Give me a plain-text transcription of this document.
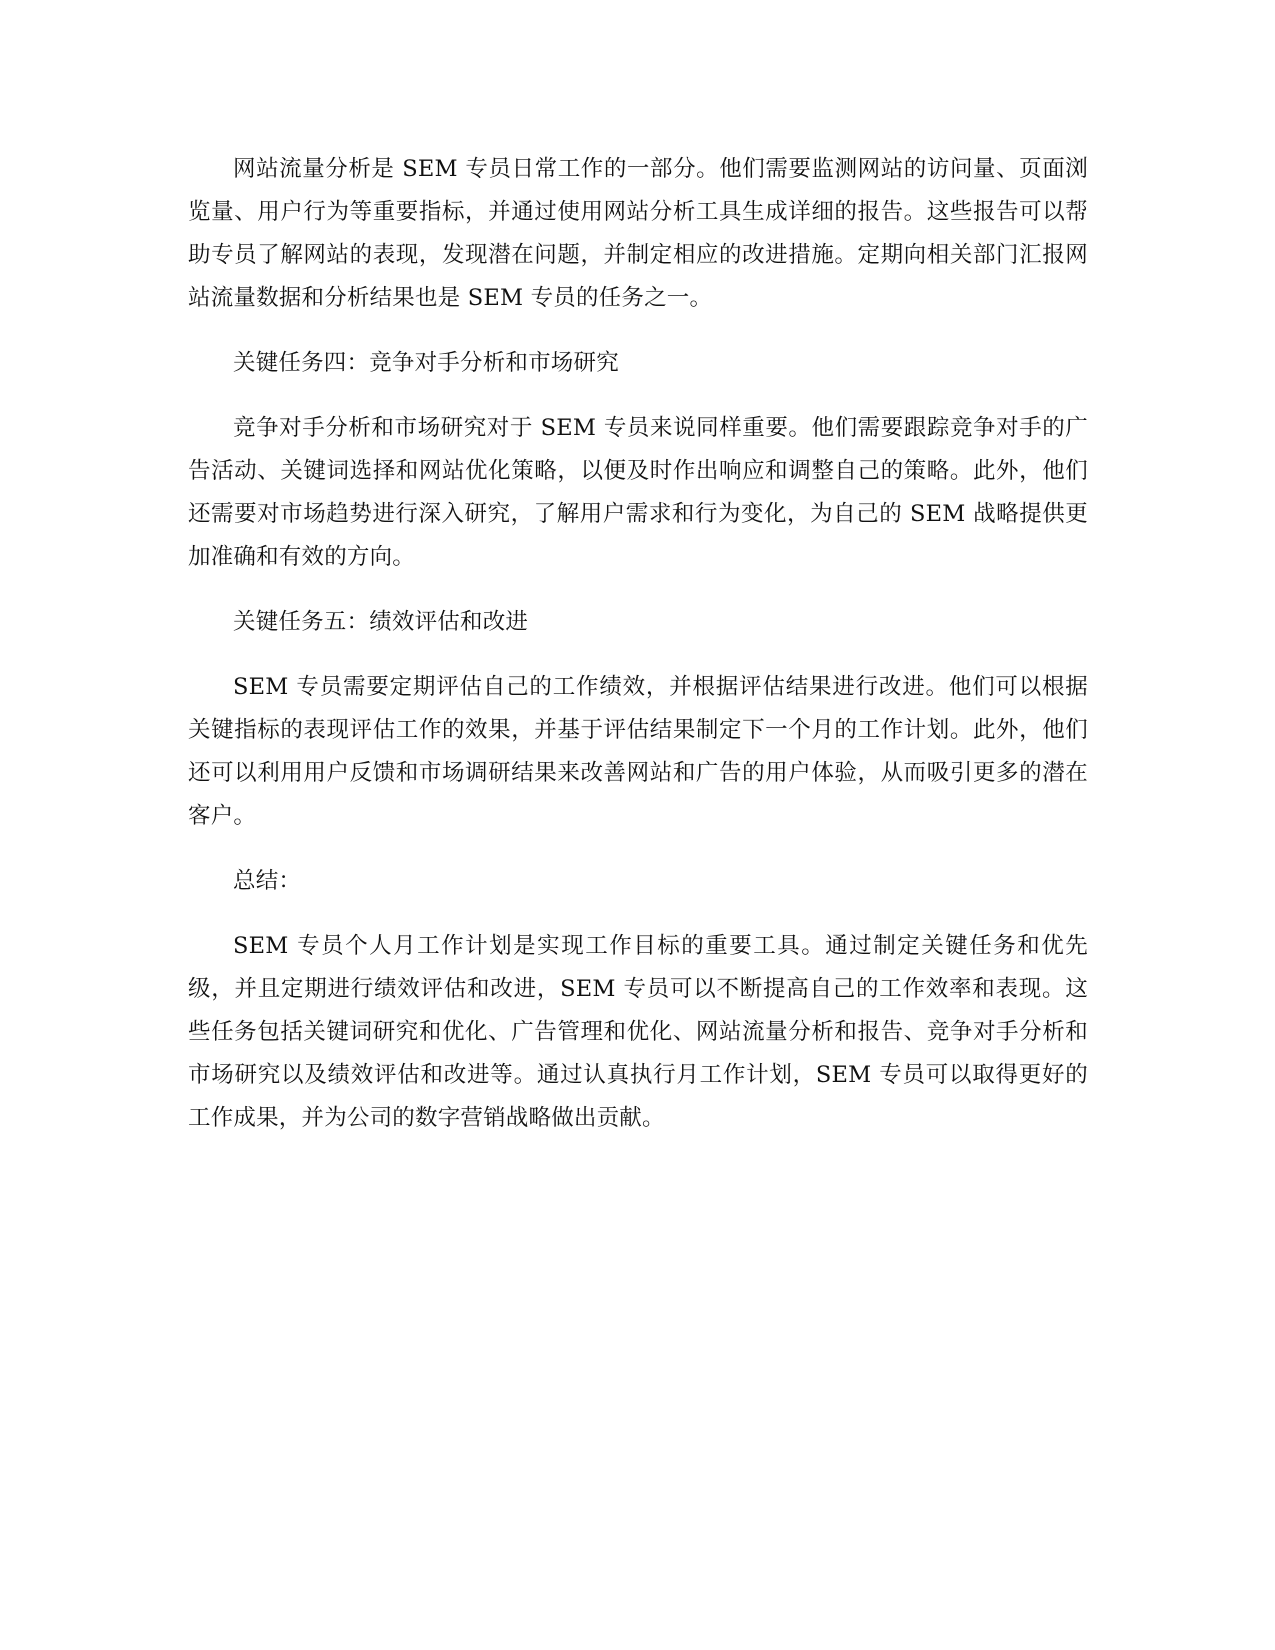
网站流量分析是 SEM 专员日常工作的一部分。他们需要监测网站的访问量、页面浏览量、用户行为等重要指标，并通过使用网站分析工具生成详细的报告。这些报告可以帮助专员了解网站的表现，发现潜在问题，并制定相应的改进措施。定期向相关部门汇报网站流量数据和分析结果也是 SEM 专员的任务之一。

关键任务四：竞争对手分析和市场研究

竞争对手分析和市场研究对于 SEM 专员来说同样重要。他们需要跟踪竞争对手的广告活动、关键词选择和网站优化策略，以便及时作出响应和调整自己的策略。此外，他们还需要对市场趋势进行深入研究，了解用户需求和行为变化，为自己的 SEM 战略提供更加准确和有效的方向。

关键任务五：绩效评估和改进

SEM 专员需要定期评估自己的工作绩效，并根据评估结果进行改进。他们可以根据关键指标的表现评估工作的效果，并基于评估结果制定下一个月的工作计划。此外，他们还可以利用用户反馈和市场调研结果来改善网站和广告的用户体验，从而吸引更多的潜在客户。

总结：

SEM 专员个人月工作计划是实现工作目标的重要工具。通过制定关键任务和优先级，并且定期进行绩效评估和改进，SEM 专员可以不断提高自己的工作效率和表现。这些任务包括关键词研究和优化、广告管理和优化、网站流量分析和报告、竞争对手分析和市场研究以及绩效评估和改进等。通过认真执行月工作计划，SEM 专员可以取得更好的工作成果，并为公司的数字营销战略做出贡献。
